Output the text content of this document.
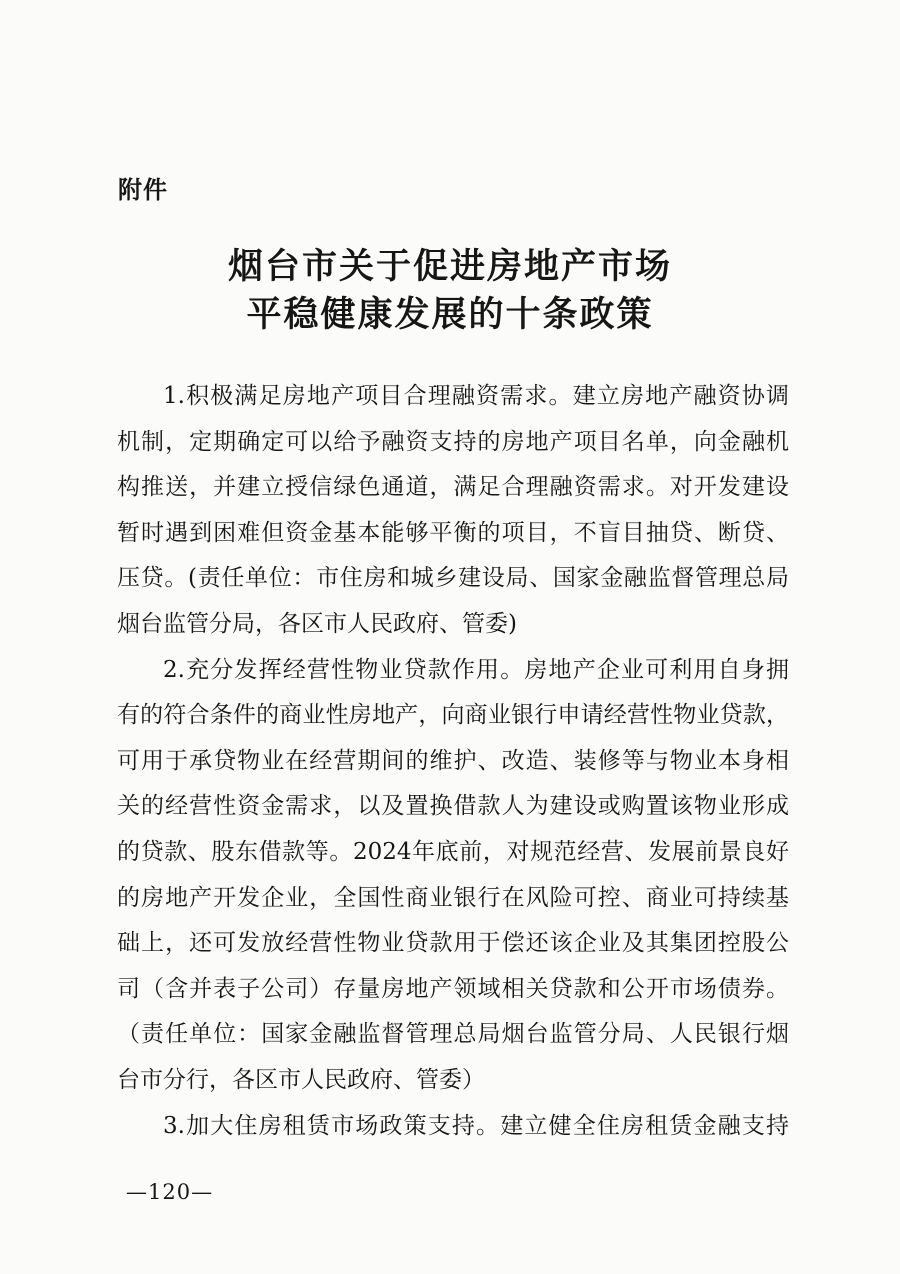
附件
烟台市关于促进房地产市场
平稳健康发展的十条政策
1.积极满足房地产项目合理融资需求。建立房地产融资协调
机制，定期确定可以给予融资支持的房地产项目名单，向金融机
构推送，并建立授信绿色通道，满足合理融资需求。对开发建设
暂时遇到困难但资金基本能够平衡的项目，不盲目抽贷、断贷、
压贷。(责任单位：市住房和城乡建设局、国家金融监督管理总局
烟台监管分局，各区市人民政府、管委)
2.充分发挥经营性物业贷款作用。房地产企业可利用自身拥
有的符合条件的商业性房地产，向商业银行申请经营性物业贷款，
可用于承贷物业在经营期间的维护、改造、装修等与物业本身相
关的经营性资金需求，以及置换借款人为建设或购置该物业形成
的贷款、股东借款等。2024年底前，对规范经营、发展前景良好
的房地产开发企业，全国性商业银行在风险可控、商业可持续基
础上，还可发放经营性物业贷款用于偿还该企业及其集团控股公
司（含并表子公司）存量房地产领域相关贷款和公开市场债券。
（责任单位：国家金融监督管理总局烟台监管分局、人民银行烟
台市分行，各区市人民政府、管委）
3.加大住房租赁市场政策支持。建立健全住房租赁金融支持
—120—
